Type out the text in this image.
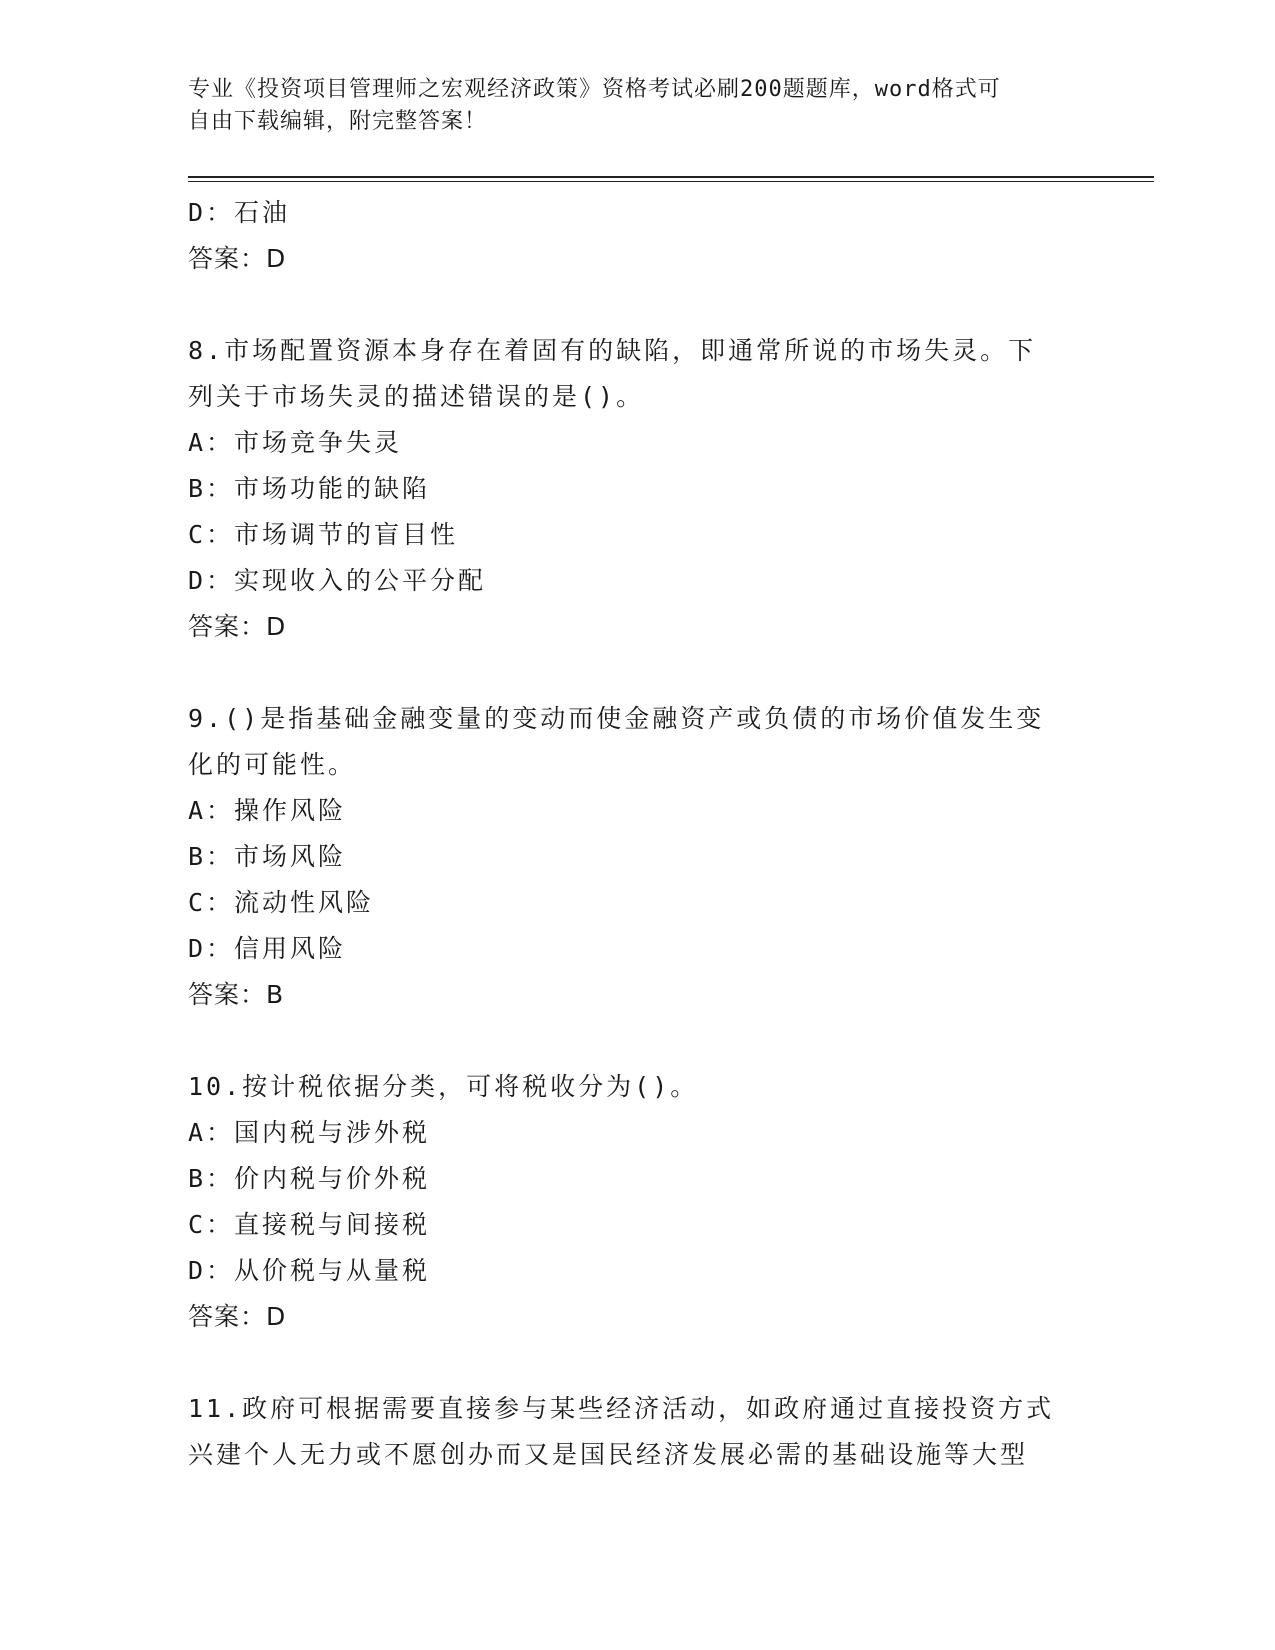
专业《投资项目管理师之宏观经济政策》资格考试必刷200题题库，word格式可
自由下载编辑，附完整答案！
D：石油
答案：D
8.市场配置资源本身存在着固有的缺陷，即通常所说的市场失灵。下
列关于市场失灵的描述错误的是()。
A：市场竞争失灵
B：市场功能的缺陷
C：市场调节的盲目性
D：实现收入的公平分配
答案：D
9.()是指基础金融变量的变动而使金融资产或负债的市场价值发生变
化的可能性。
A：操作风险
B：市场风险
C：流动性风险
D：信用风险
答案：B
10.按计税依据分类，可将税收分为()。
A：国内税与涉外税
B：价内税与价外税
C：直接税与间接税
D：从价税与从量税
答案：D
11.政府可根据需要直接参与某些经济活动，如政府通过直接投资方式
兴建个人无力或不愿创办而又是国民经济发展必需的基础设施等大型
